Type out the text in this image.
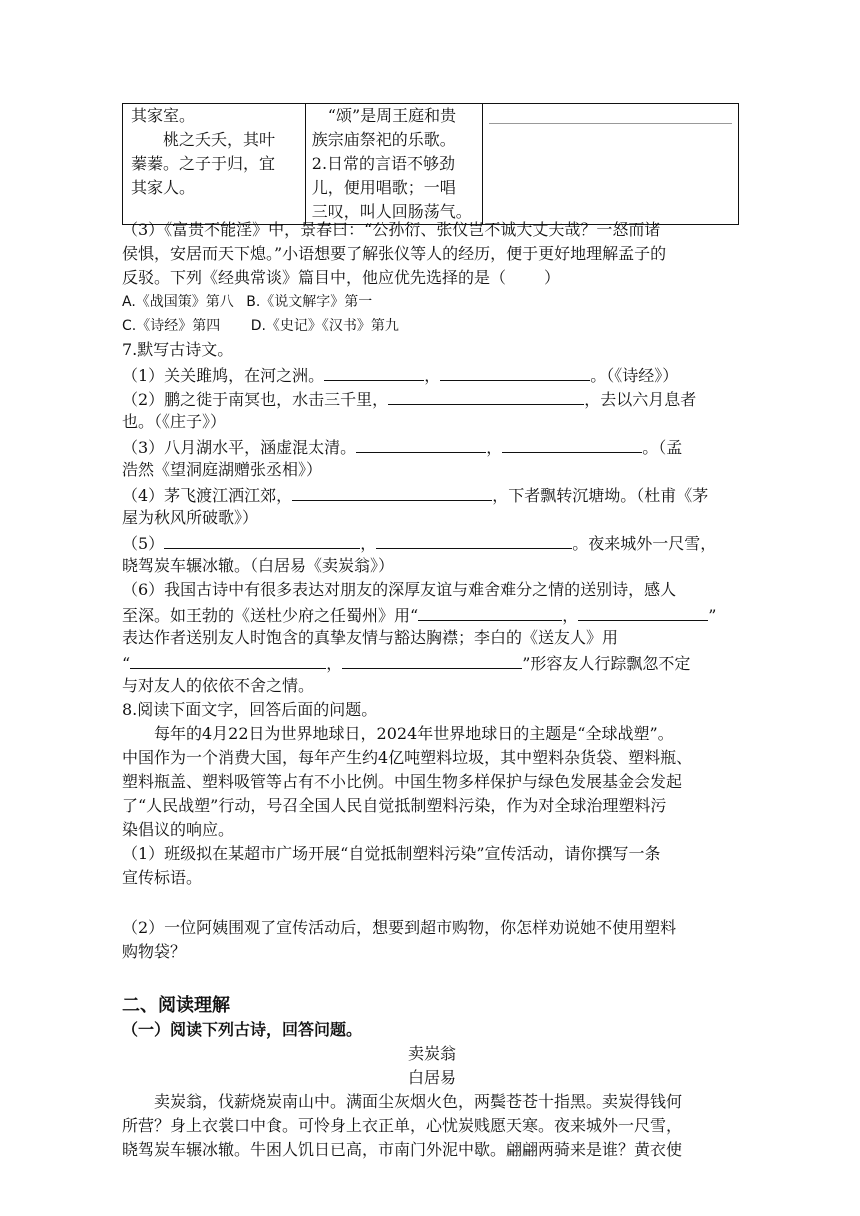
其家室。
桃之夭夭，其叶
蓁蓁。之子于归，宜
其家人。

“颂”是周王庭和贵
族宗庙祭祀的乐歌。
2.日常的言语不够劲
儿，便用唱歌；一唱
三叹，叫人回肠荡气。

（3）《富贵不能淫》中，景春曰：“公孙衍、张仪岂不诚大丈夫哉？一怒而诸
侯惧，安居而天下熄。”小语想要了解张仪等人的经历，便于更好地理解孟子的
反驳。下列《经典常谈》篇目中，他应优先选择的是（ ）
A.《战国策》第八 B.《说文解字》第一
C.《诗经》第四 D.《史记》《汉书》第九
7.默写古诗文。
（1）关关雎鸠，在河之洲。	，	。（《诗经》）
（2）鹏之徙于南冥也，水击三千里，	，去以六月息者
也。（《庄子》）
（3）八月湖水平，涵虚混太清。	，	。（孟
浩然《望洞庭湖赠张丞相》）
（4）茅飞渡江洒江郊，	，下者飘转沉塘坳。（杜甫《茅
屋为秋风所破歌》）
（5）	，	。夜来城外一尺雪，
晓驾炭车辗冰辙。（白居易《卖炭翁》）
（6）我国古诗中有很多表达对朋友的深厚友谊与难舍难分之情的送别诗，感人
至深。如王勃的《送杜少府之任蜀州》用“	，	”
表达作者送别友人时饱含的真挚友情与豁达胸襟；李白的《送友人》用
“	，	”形容友人行踪飘忽不定
与对友人的依依不舍之情。
8.阅读下面文字，回答后面的问题。
每年的4月22日为世界地球日，2024年世界地球日的主题是“全球战塑”。
中国作为一个消费大国，每年产生约4亿吨塑料垃圾，其中塑料杂货袋、塑料瓶、
塑料瓶盖、塑料吸管等占有不小比例。中国生物多样保护与绿色发展基金会发起
了“人民战塑”行动，号召全国人民自觉抵制塑料污染，作为对全球治理塑料污
染倡议的响应。
（1）班级拟在某超市广场开展“自觉抵制塑料污染”宣传活动，请你撰写一条
宣传标语。
（2）一位阿姨围观了宣传活动后，想要到超市购物，你怎样劝说她不使用塑料
购物袋？
二、阅读理解
（一）阅读下列古诗，回答问题。
卖炭翁
白居易
卖炭翁，伐薪烧炭南山中。满面尘灰烟火色，两鬓苍苍十指黑。卖炭得钱何
所营？身上衣裳口中食。可怜身上衣正单，心忧炭贱愿天寒。夜来城外一尺雪，
晓驾炭车辗冰辙。牛困人饥日已高，市南门外泥中歇。翩翩两骑来是谁？黄衣使
